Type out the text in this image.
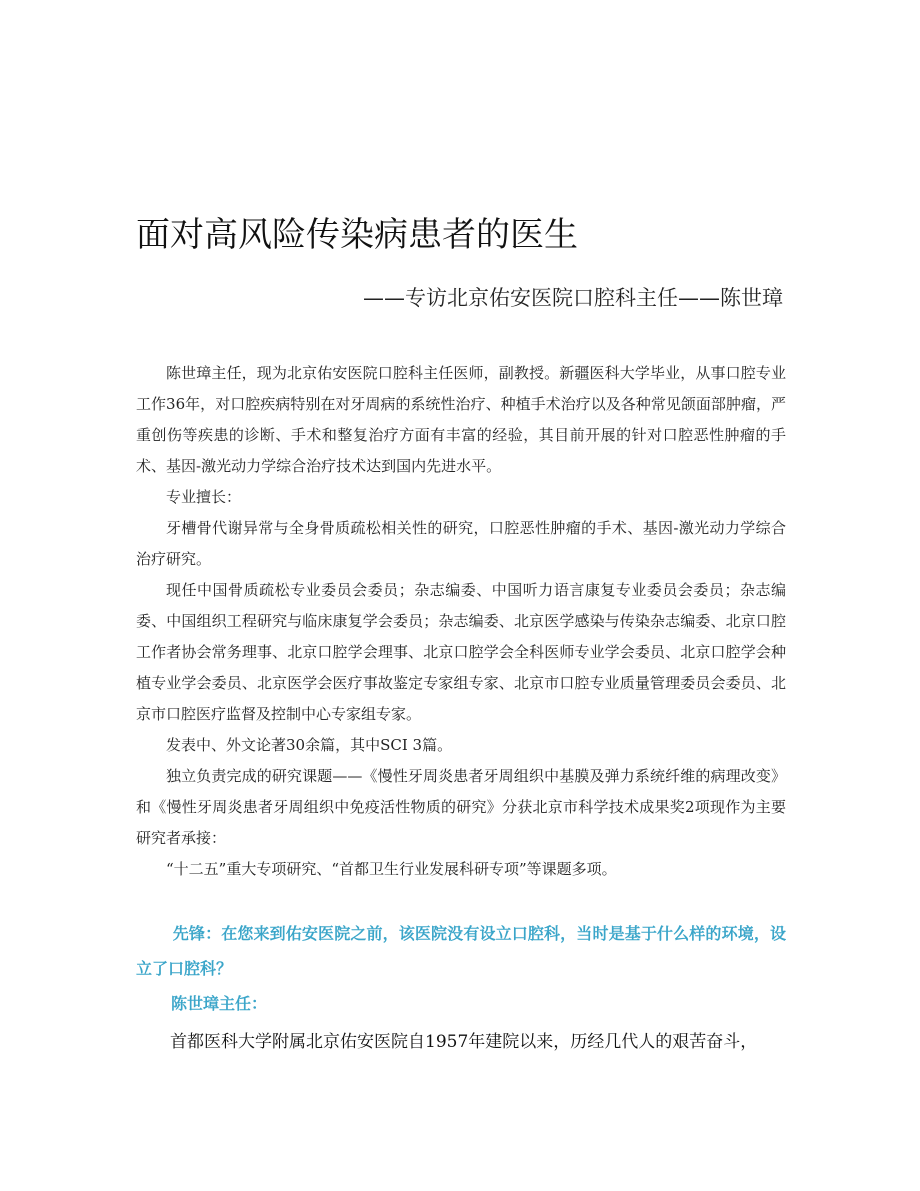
面对高风险传染病患者的医生
——专访北京佑安医院口腔科主任——陈世璋

陈世璋主任，现为北京佑安医院口腔科主任医师，副教授。新疆医科大学毕业，从事口腔专业工作36年，对口腔疾病特别在对牙周病的系统性治疗、种植手术治疗以及各种常见颌面部肿瘤，严重创伤等疾患的诊断、手术和整复治疗方面有丰富的经验，其目前开展的针对口腔恶性肿瘤的手术、基因-激光动力学综合治疗技术达到国内先进水平。

专业擅长：

牙槽骨代谢异常与全身骨质疏松相关性的研究，口腔恶性肿瘤的手术、基因-激光动力学综合治疗研究。

现任中国骨质疏松专业委员会委员；杂志编委、中国听力语言康复专业委员会委员；杂志编委、中国组织工程研究与临床康复学会委员；杂志编委、北京医学感染与传染杂志编委、北京口腔工作者协会常务理事、北京口腔学会理事、北京口腔学会全科医师专业学会委员、北京口腔学会种植专业学会委员、北京医学会医疗事故鉴定专家组专家、北京市口腔专业质量管理委员会委员、北京市口腔医疗监督及控制中心专家组专家。

发表中、外文论著30余篇，其中SCI 3篇。

独立负责完成的研究课题——《慢性牙周炎患者牙周组织中基膜及弹力系统纤维的病理改变》和《慢性牙周炎患者牙周组织中免疫活性物质的研究》分获北京市科学技术成果奖2项现作为主要研究者承接：

“十二五”重大专项研究、“首都卫生行业发展科研专项”等课题多项。

先锋：在您来到佑安医院之前，该医院没有设立口腔科，当时是基于什么样的环境，设立了口腔科？

陈世璋主任：

首都医科大学附属北京佑安医院自1957年建院以来，历经几代人的艰苦奋斗，
